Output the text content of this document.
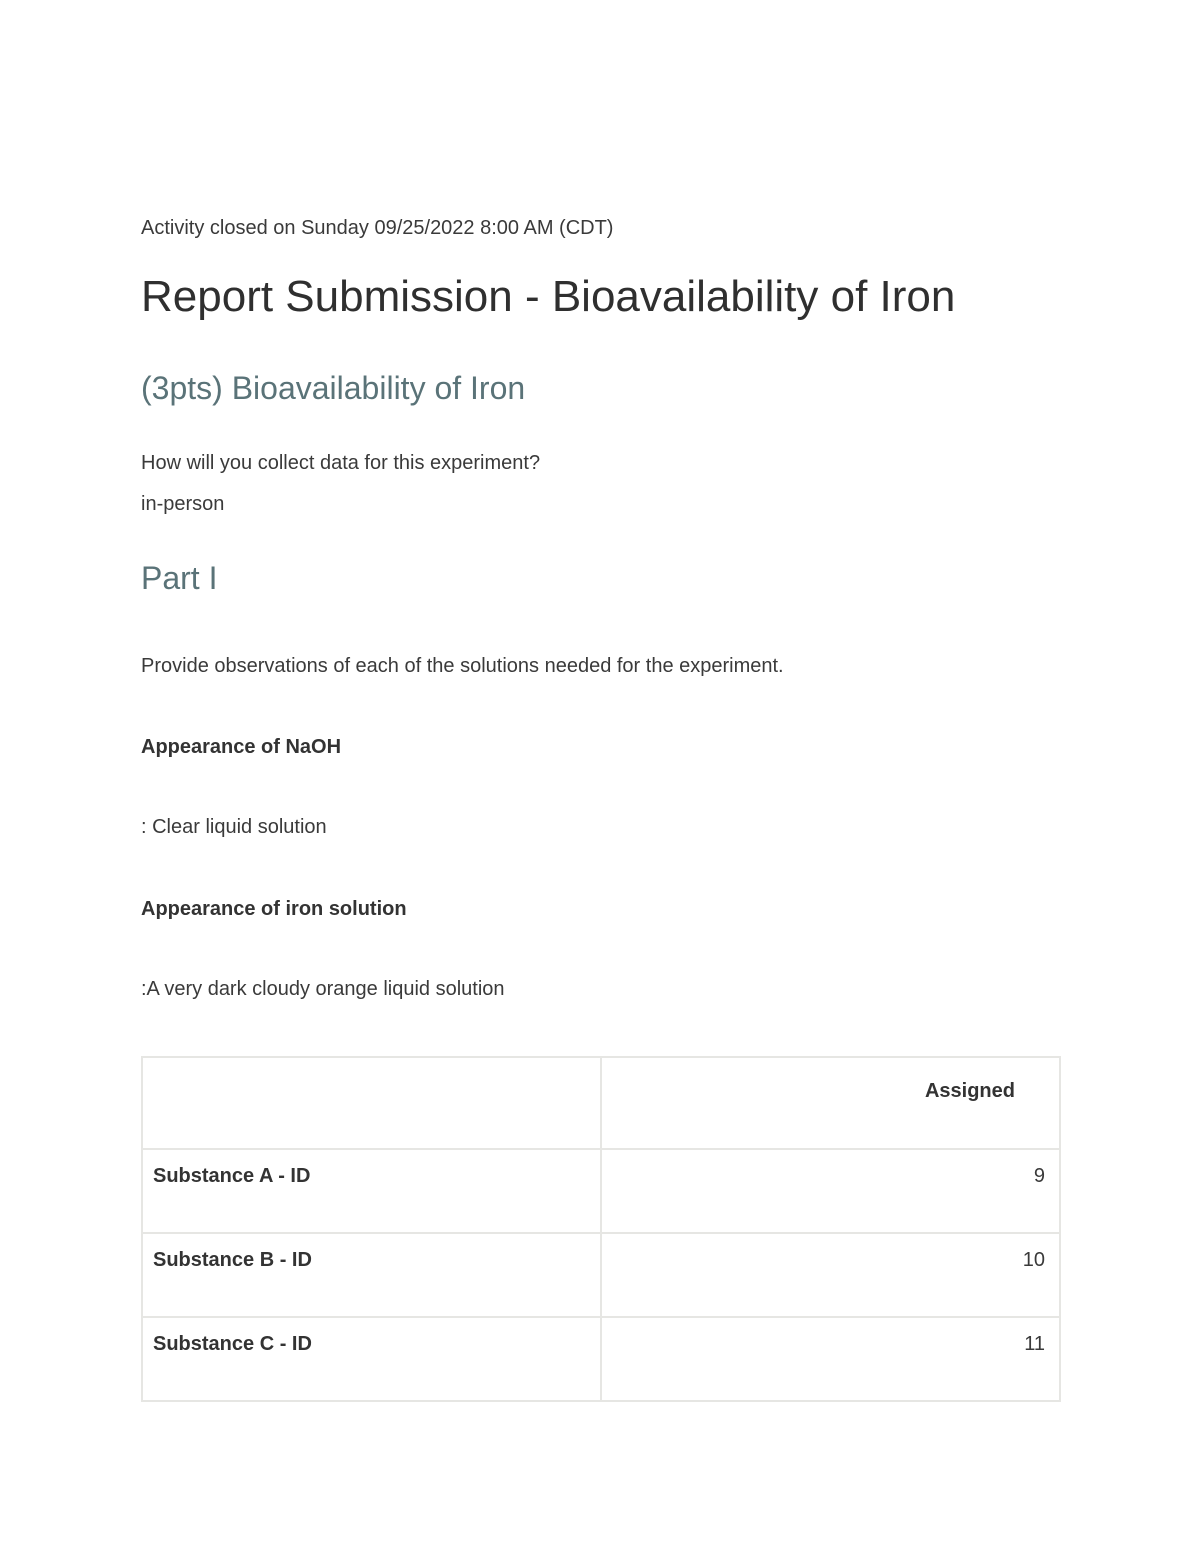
Activity closed on Sunday 09/25/2022 8:00 AM (CDT)
Report Submission - Bioavailability of Iron
(3pts) Bioavailability of Iron
How will you collect data for this experiment?
in-person
Part I
Provide observations of each of the solutions needed for the experiment.
Appearance of NaOH
: Clear liquid solution
Appearance of iron solution
:A very dark cloudy orange liquid solution
	Assigned
Substance A - ID	9
Substance B - ID	10
Substance C - ID	11
